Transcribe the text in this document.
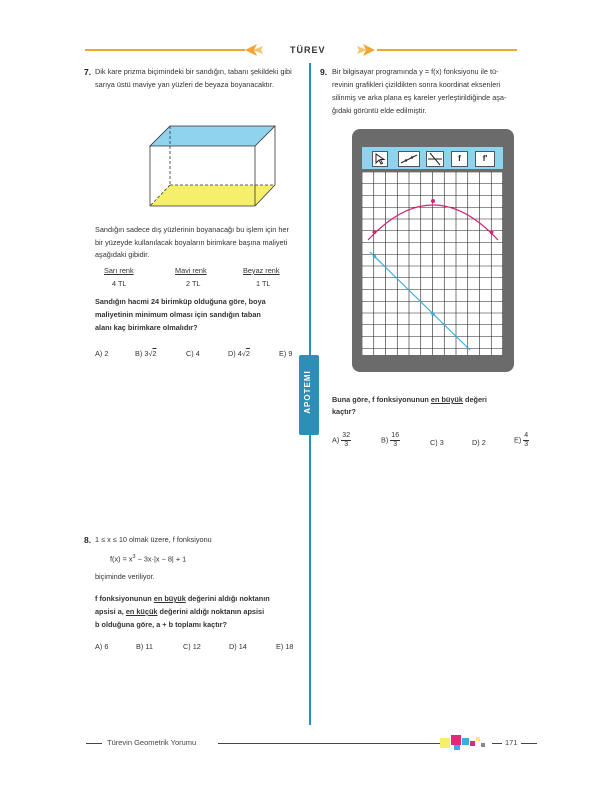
TÜREV
APOTEMI
7. Dik kare prizma biçimindeki bir sandığın, tabanı şekildeki gibi sarıya üstü maviye yan yüzleri de beyaza boyanacaktır.
Sandığın sadece dış yüzlerinin boyanacağı bu işlem için her bir yüzeyde kullanılacak boyaların birimkare başına maliyeti aşağıdaki gibidir.
Sarı renk	Mavi renk	Beyaz renk
4 TL	2 TL	1 TL
Sandığın hacmi 24 birimküp olduğuna göre, boya
maliyetinin minimum olması için sandığın taban
alanı kaç birimkare olmalıdır?
A) 2	B) 3√2	C) 4	D) 4√2	E) 9
8. 1 ≤ x ≤ 10 olmak üzere, f fonksiyonu
$f(x) = x^3 - 3x\cdot|x - 8| + 1$
biçiminde veriliyor.
f fonksiyonunun en büyük değerini aldığı noktanın
apsisi a, en küçük değerini aldığı noktanın apsisi
b olduğuna göre, a + b toplamı kaçtır?
A) 6	B) 11	C) 12	D) 14	E) 18
9. Bir bilgisayar programında y = f(x) fonksiyonu ile tü-
revinin grafikleri çizildikten sonra koordinat eksenleri
silinmiş ve arka plana eş kareler yerleştirildiğinde aşa-
ğıdaki görüntü elde edilmiştir.
f	f'
Buna göre, f fonksiyonunun en büyük değeri
kaçtır?
$A) \frac{32}{3}$	$B) \frac{16}{3}$	C) 3	D) 2	$E) \frac{4}{3}$
Türevin Geometrik Yorumu	171
